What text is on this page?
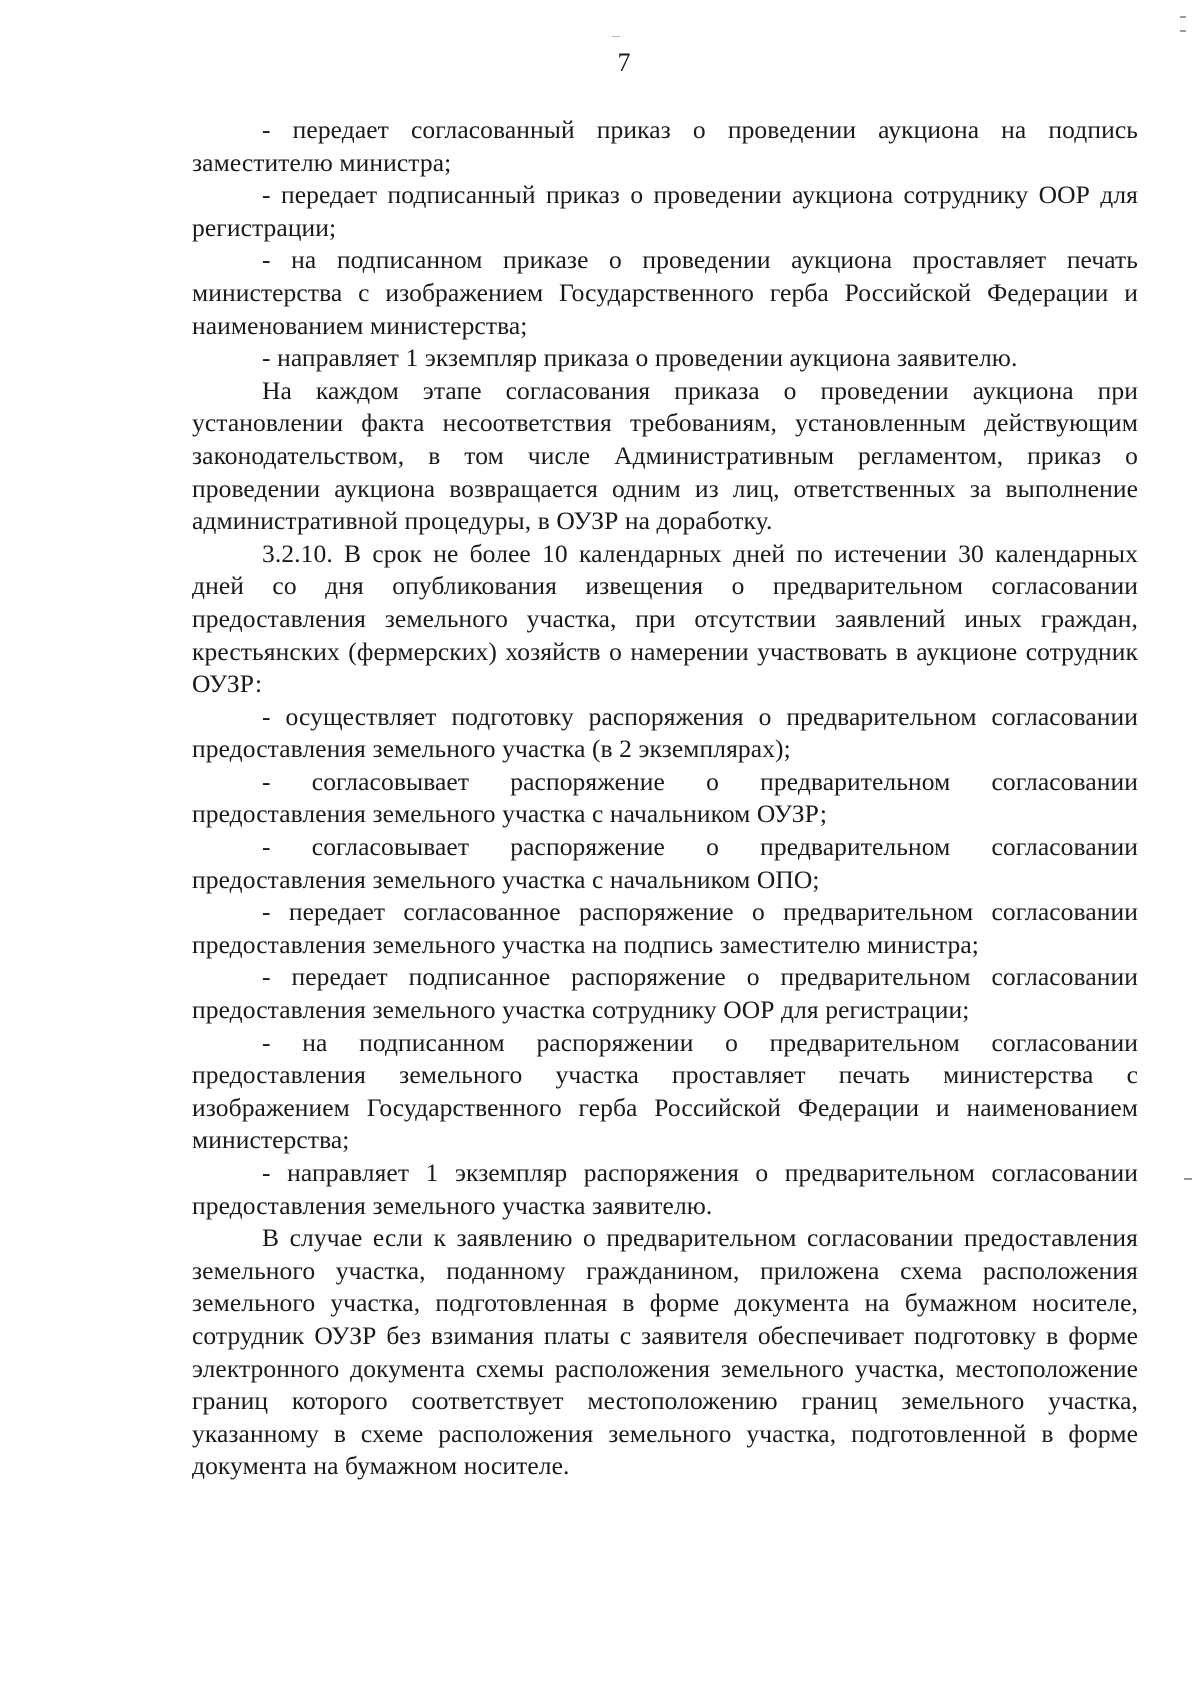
7

- передает согласованный приказ о проведении аукциона на подпись заместителю министра;

- передает подписанный приказ о проведении аукциона сотруднику ООР для регистрации;

- на подписанном приказе о проведении аукциона проставляет печать министерства с изображением Государственного герба Российской Федерации и наименованием министерства;

- направляет 1 экземпляр приказа о проведении аукциона заявителю.

На каждом этапе согласования приказа о проведении аукциона при установлении факта несоответствия требованиям, установленным действующим законодательством, в том числе Административным регламентом, приказ о проведении аукциона возвращается одним из лиц, ответственных за выполнение административной процедуры, в ОУЗР на доработку.

3.2.10. В срок не более 10 календарных дней по истечении 30 календарных дней со дня опубликования извещения о предварительном согласовании предоставления земельного участка, при отсутствии заявлений иных граждан, крестьянских (фермерских) хозяйств о намерении участвовать в аукционе сотрудник ОУЗР:

- осуществляет подготовку распоряжения о предварительном согласовании предоставления земельного участка (в 2 экземплярах);

- согласовывает распоряжение о предварительном согласовании предоставления земельного участка с начальником ОУЗР;

- согласовывает распоряжение о предварительном согласовании предоставления земельного участка с начальником ОПО;

- передает согласованное распоряжение о предварительном согласовании предоставления земельного участка на подпись заместителю министра;

- передает подписанное распоряжение о предварительном согласовании предоставления земельного участка сотруднику ООР для регистрации;

- на подписанном распоряжении о предварительном согласовании предоставления земельного участка проставляет печать министерства с изображением Государственного герба Российской Федерации и наименованием министерства;

- направляет 1 экземпляр распоряжения о предварительном согласовании предоставления земельного участка заявителю.

В случае если к заявлению о предварительном согласовании предоставления земельного участка, поданному гражданином, приложена схема расположения земельного участка, подготовленная в форме документа на бумажном носителе, сотрудник ОУЗР без взимания платы с заявителя обеспечивает подготовку в форме электронного документа схемы расположения земельного участка, местоположение границ которого соответствует местоположению границ земельного участка, указанному в схеме расположения земельного участка, подготовленной в форме документа на бумажном носителе.
